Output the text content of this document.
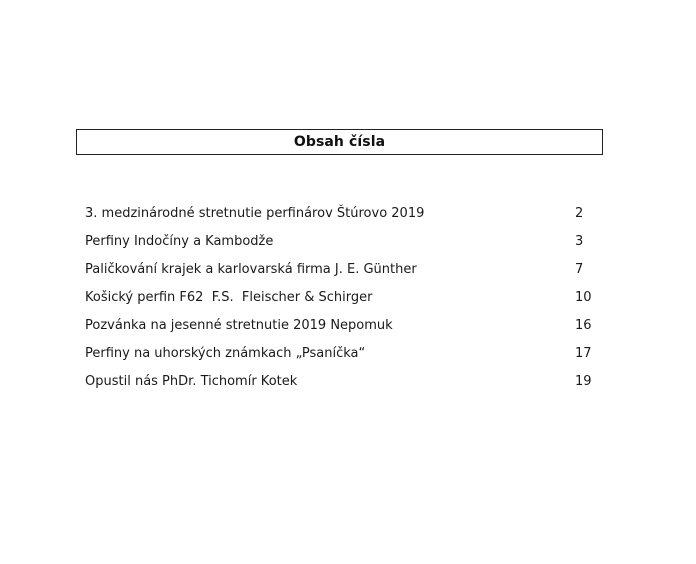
Obsah čísla
3. medzinárodné stretnutie perfinárov Štúrovo 2019	2
Perfiny Indočíny a Kambodže	3
Paličkování krajek a karlovarská firma J. E. Günther	7
Košický perfin F62  F.S.  Fleischer & Schirger	10
Pozvánka na jesenné stretnutie 2019 Nepomuk	16
Perfiny na uhorských známkach „Psaníčka“	17
Opustil nás PhDr. Tichomír Kotek	19
